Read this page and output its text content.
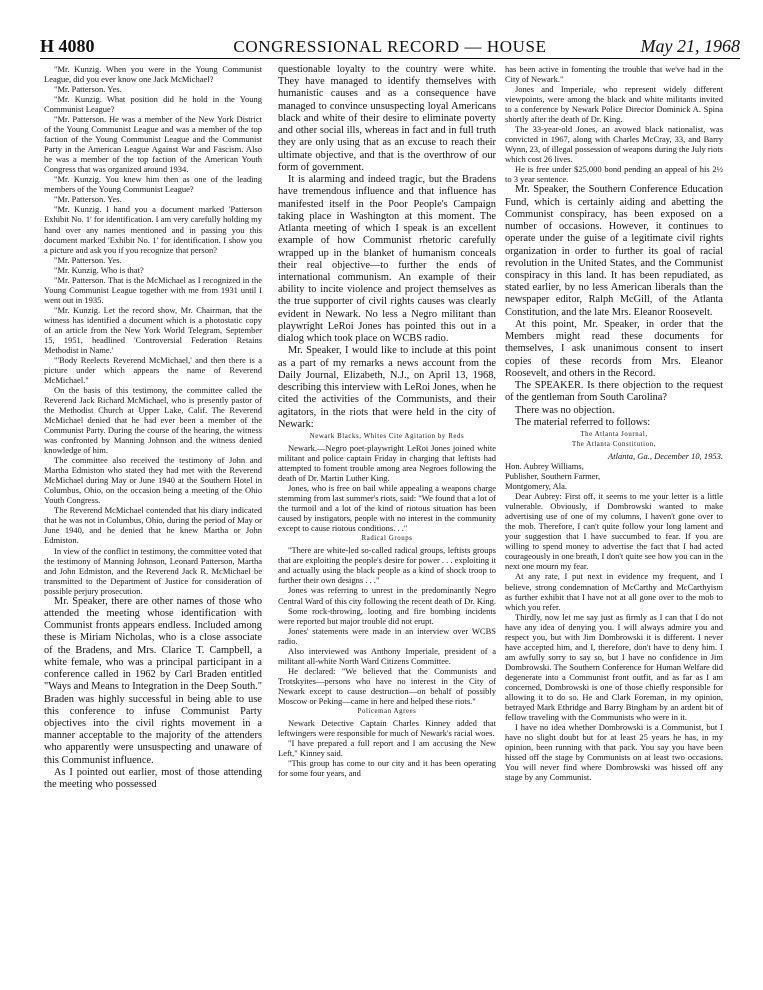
H 4080	CONGRESSIONAL RECORD — HOUSE	May 21, 1968

"Mr. Kunzig. When you were in the Young Communist League, did you ever know one Jack McMichael?

"Mr. Patterson. Yes.

"Mr. Kunzig. What position did he hold in the Young Communist League?

"Mr. Patterson. He was a member of the New York District of the Young Communist League and was a member of the top faction of the Young Communist League and the Communist Party in the American League Against War and Fascism. Also he was a member of the top faction of the American Youth Congress that was organized around 1934.

"Mr. Kunzig. You knew him then as one of the leading members of the Young Communist League?

"Mr. Patterson. Yes.

"Mr. Kunzig. I hand you a document marked 'Patterson Exhibit No. 1' for identification. I am very carefully holding my hand over any names mentioned and in passing you this document marked 'Exhibit No. 1' for identification. I show you a picture and ask you if you recognize that person?

"Mr. Patterson. Yes.

"Mr. Kunzig. Who is that?

"Mr. Patterson. That is the McMichael as I recognized in the Young Communist League together with me from 1931 until I went out in 1935.

"Mr. Kunzig. Let the record show, Mr. Chairman, that the witness has identified a document which is a photostatic copy of an article from the New York World Telegram, September 15, 1951, headlined 'Controversial Federation Retains Methodist in Name.'

"'Body Reelects Reverend McMichael,' and then there is a picture under which appears the name of Reverend McMichael."

On the basis of this testimony, the committee called the Reverend Jack Richard McMichael, who is presently pastor of the Methodist Church at Upper Lake, Calif. The Reverend McMichael denied that he had ever been a member of the Communist Party. During the course of the hearing, the witness was confronted by Manning Johnson and the witness denied knowledge of him.

The committee also received the testimony of John and Martha Edmiston who stated they had met with the Reverend McMichael during May or June 1940 at the Southern Hotel in Columbus, Ohio, on the occasion being a meeting of the Ohio Youth Congress.

The Reverend McMichael contended that his diary indicated that he was not in Columbus, Ohio, during the period of May or June 1940, and he denied that he knew Martha or John Edmiston.

In view of the conflict in testimony, the committee voted that the testimony of Manning Johnson, Leonard Patterson, Martha and John Edmiston, and the Reverend Jack R. McMichael be transmitted to the Department of Justice for consideration of possible perjury prosecution.

Mr. Speaker, there are other names of those who attended the meeting whose identification with Communist fronts appears endless. Included among these is Miriam Nicholas, who is a close associate of the Bradens, and Mrs. Clarice T. Campbell, a white female, who was a principal participant in a conference called in 1962 by Carl Braden entitled "Ways and Means to Integration in the Deep South." Braden was highly successful in being able to use this conference to infuse Communist Party objectives into the civil rights movement in a manner acceptable to the majority of the attenders who apparently were unsuspecting and unaware of this Communist influence.

As I pointed out earlier, most of those attending the meeting who possessed

questionable loyalty to the country were white. They have managed to identify themselves with humanistic causes and as a consequence have managed to convince unsuspecting loyal Americans black and white of their desire to eliminate poverty and other social ills, whereas in fact and in full truth they are only using that as an excuse to reach their ultimate objective, and that is the overthrow of our form of government.

It is alarming and indeed tragic, but the Bradens have tremendous influence and that influence has manifested itself in the Poor People's Campaign taking place in Washington at this moment. The Atlanta meeting of which I speak is an excellent example of how Communist rhetoric carefully wrapped up in the blanket of humanism conceals their real objective—to further the ends of international communism. An example of their ability to incite violence and project themselves as the true supporter of civil rights causes was clearly evident in Newark. No less a Negro militant than playwright LeRoi Jones has pointed this out in a dialog which took place on WCBS radio.

Mr. Speaker, I would like to include at this point as a part of my remarks a news account from the Daily Journal, Elizabeth, N.J., on April 13, 1968, describing this interview with LeRoi Jones, when he cited the activities of the Communists, and their agitators, in the riots that were held in the city of Newark:

Newark Blacks, Whites Cite Agitation by Reds

Newark.—Negro poet-playwright LeRoi Jones joined white militant and police captain Friday in charging that leftists had attempted to foment trouble among area Negroes following the death of Dr. Martin Luther King.

Jones, who is free on bail while appealing a weapons charge stemming from last summer's riots, said: "We found that a lot of the turmoil and a lot of the kind of riotous situation has been caused by instigators, people with no interest in the community except to cause riotous conditions. . ."

Radical Groups

"There are white-led so-called radical groups, leftists groups that are exploiting the people's desire for power . . . exploiting it and actually using the black people as a kind of shock troop to further their own designs . . ."

Jones was referring to unrest in the predominantly Negro Central Ward of this city following the recent death of Dr. King.

Some rock-throwing, looting and fire bombing incidents were reported but major trouble did not erupt.

Jones' statements were made in an interview over WCBS radio.

Also interviewed was Anthony Imperiale, president of a militant all-white North Ward Citizens Committee.

He declared: "We believed that the Communists and Trotskyites—persons who have no interest in the City of Newark except to cause destruction—on behalf of possibly Moscow or Peking—came in here and helped these riots."

Policeman Agrees

Newark Detective Captain Charles Kinney added that leftwingers were responsible for much of Newark's racial woes.

"I have prepared a full report and I am accusing the New Left," Kinney said.

"This group has come to our city and it has been operating for some four years, and

has been active in fomenting the trouble that we've had in the City of Newark."

Jones and Imperiale, who represent widely different viewpoints, were among the black and white militants invited to a conference by Newark Police Director Dominick A. Spina shortly after the death of Dr. King.

The 33-year-old Jones, an avowed black nationalist, was convicted in 1967, along with Charles McCray, 33, and Barry Wynn, 23, of illegal possession of weapons during the July riots which cost 26 lives.

He is free under $25,000 bond pending an appeal of his 2½ to 3 year sentence.

Mr. Speaker, the Southern Conference Education Fund, which is certainly aiding and abetting the Communist conspiracy, has been exposed on a number of occasions. However, it continues to operate under the guise of a legitimate civil rights organization in order to further its goal of racial revolution in the United States, and the Communist conspiracy in this land. It has been repudiated, as stated earlier, by no less American liberals than the newspaper editor, Ralph McGill, of the Atlanta Constitution, and the late Mrs. Eleanor Roosevelt.

At this point, Mr. Speaker, in order that the Members might read these documents for themselves, I ask unanimous consent to insert copies of these records from Mrs. Eleanor Roosevelt, and others in the Record.

The SPEAKER. Is there objection to the request of the gentleman from South Carolina?

There was no objection.

The material referred to follows:

The Atlanta Journal,

The Atlanta Constitution,

Atlanta, Ga., December 10, 1953.

Hon. Aubrey Williams,

Publisher, Southern Farmer,

Montgomery, Ala.

Dear Aubrey: First off, it seems to me your letter is a little vulnerable. Obviously, if Dombrowski wanted to make advertising use of one of my columns, I haven't gone over to the mob. Therefore, I can't quite follow your long lament and your suggestion that I have succumbed to fear. If you are willing to spend money to advertise the fact that I had acted courageously in one breath, I don't quite see how you can in the next one mourn my fear.

At any rate, I put next in evidence my frequent, and I believe, strong condemnation of McCarthy and McCarthyism as further exhibit that I have not at all gone over to the mob to which you refer.

Thirdly, now let me say just as firmly as I can that I do not have any idea of denying you. I will always admire you and respect you, but with Jim Dombrowski it is different. I never have accepted him, and I, therefore, don't have to deny him. I am awfully sorry to say so, but I have no confidence in Jim Dombrowski. The Southern Conference for Human Welfare did degenerate into a Communist front outfit, and as far as I am concerned, Dombrowski is one of those chiefly responsible for allowing it to do so. He and Clark Foreman, in my opinion, betrayed Mark Ethridge and Barry Bingham by an ardent bit of fellow traveling with the Communists who were in it.

I have no idea whether Dombrowski is a Communist, but I have no slight doubt but for at least 25 years he has, in my opinion, been running with that pack. You say you have been hissed off the stage by Communists on at least two occasions. You will never find where Dombrowski was hissed off any stage by any Communist.
